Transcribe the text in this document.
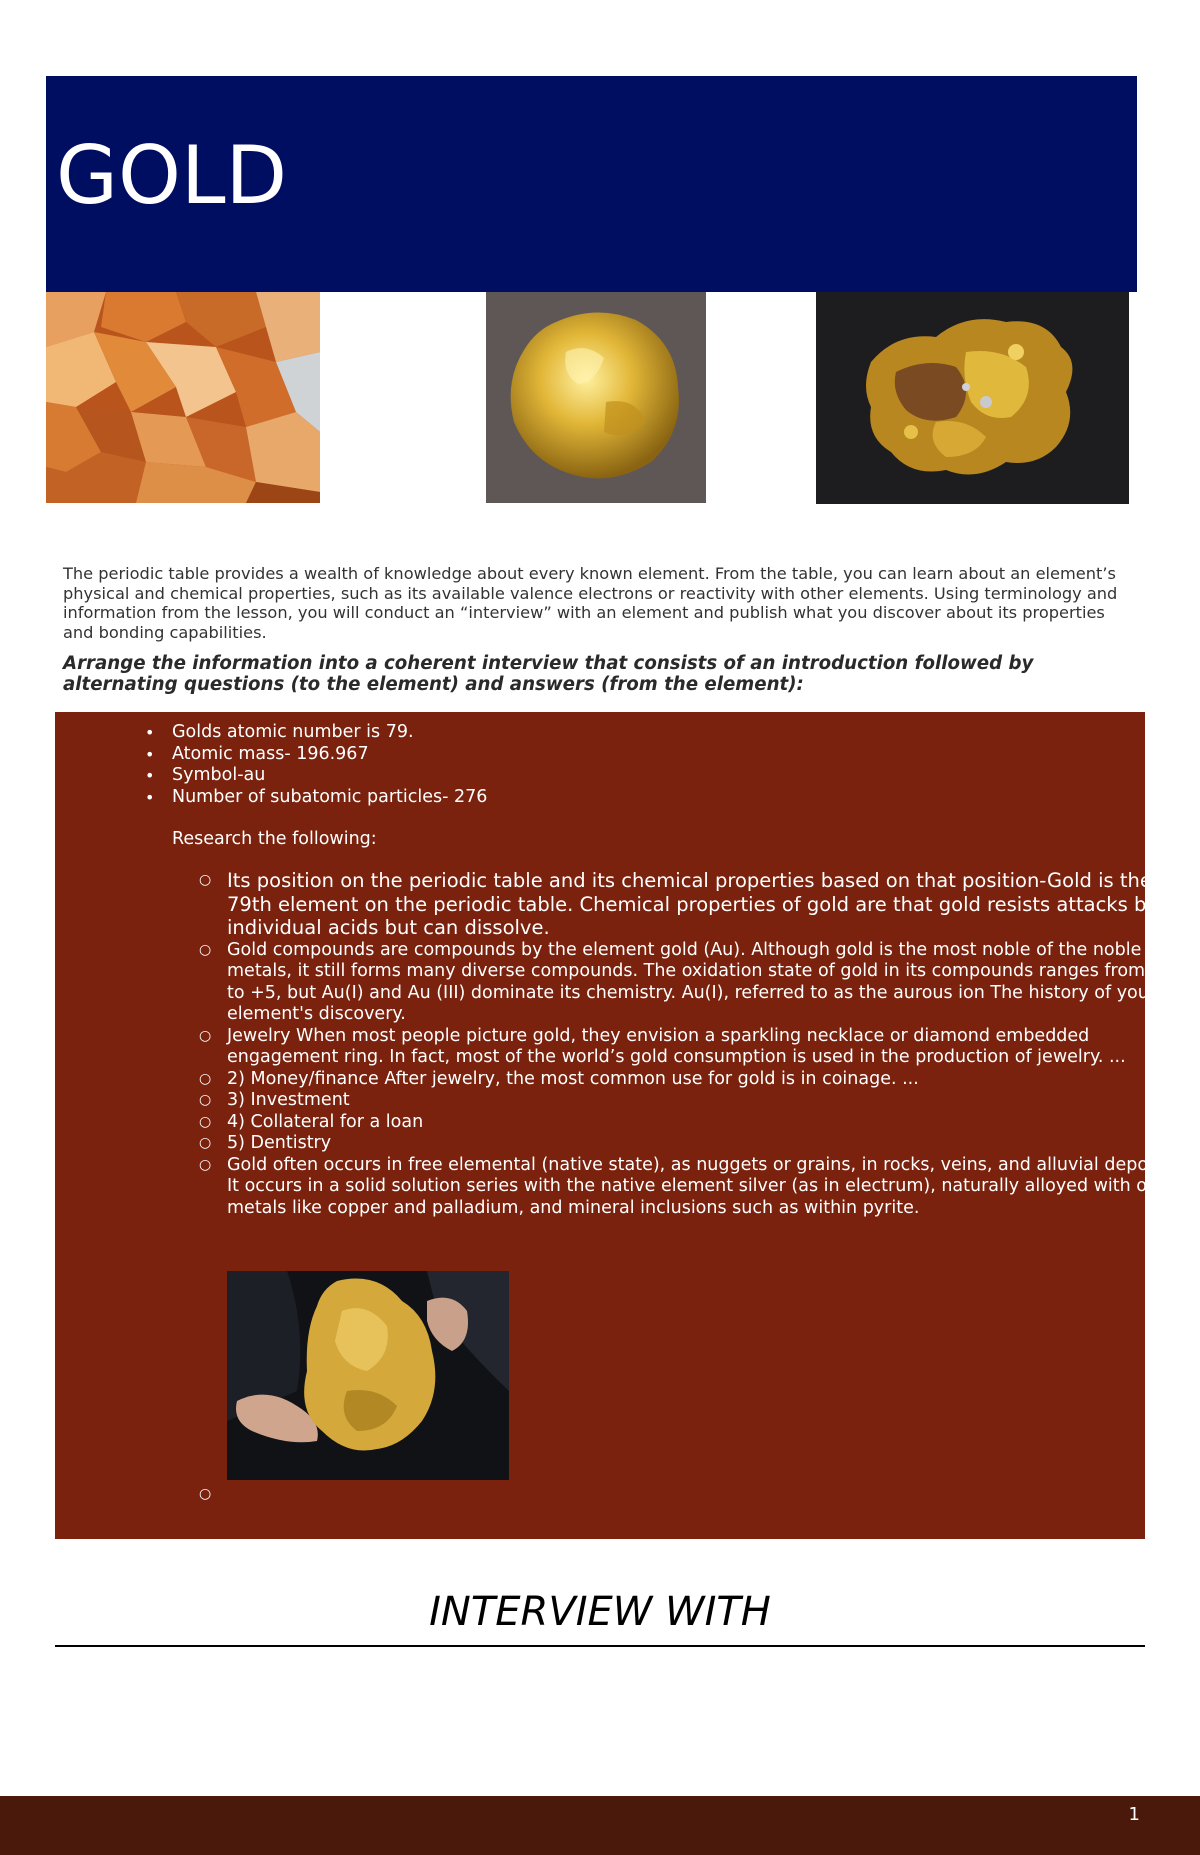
GOLD
The periodic table provides a wealth of knowledge about every known element. From the table, you can learn about an element’s physical and chemical properties, such as its available valence electrons or reactivity with other elements. Using terminology and information from the lesson, you will conduct an “interview” with an element and publish what you discover about its properties and bonding capabilities.
Arrange the information into a coherent interview that consists of an introduction followed by alternating questions (to the element) and answers (from the element):
• Golds atomic number is 79.
• Atomic mass- 196.967
• Symbol-au
• Number of subatomic particles- 276
Research the following:
○ Its position on the periodic table and its chemical properties based on that position-Gold is the 79th element on the periodic table. Chemical properties of gold are that gold resists attacks by individual acids but can dissolve.
○ Gold compounds are compounds by the element gold (Au). Although gold is the most noble of the noble metals, it still forms many diverse compounds. The oxidation state of gold in its compounds ranges from −1 to +5, but Au(I) and Au (III) dominate its chemistry. Au(I), referred to as the aurous ion The history of your element's discovery.
○ Jewelry When most people picture gold, they envision a sparkling necklace or diamond embedded engagement ring. In fact, most of the world’s gold consumption is used in the production of jewelry. ...
○ 2) Money/finance After jewelry, the most common use for gold is in coinage. ...
○ 3) Investment
○ 4) Collateral for a loan
○ 5) Dentistry
○ Gold often occurs in free elemental (native state), as nuggets or grains, in rocks, veins, and alluvial deposits. It occurs in a solid solution series with the native element silver (as in electrum), naturally alloyed with other metals like copper and palladium, and mineral inclusions such as within pyrite.
○
INTERVIEW WITH
1
